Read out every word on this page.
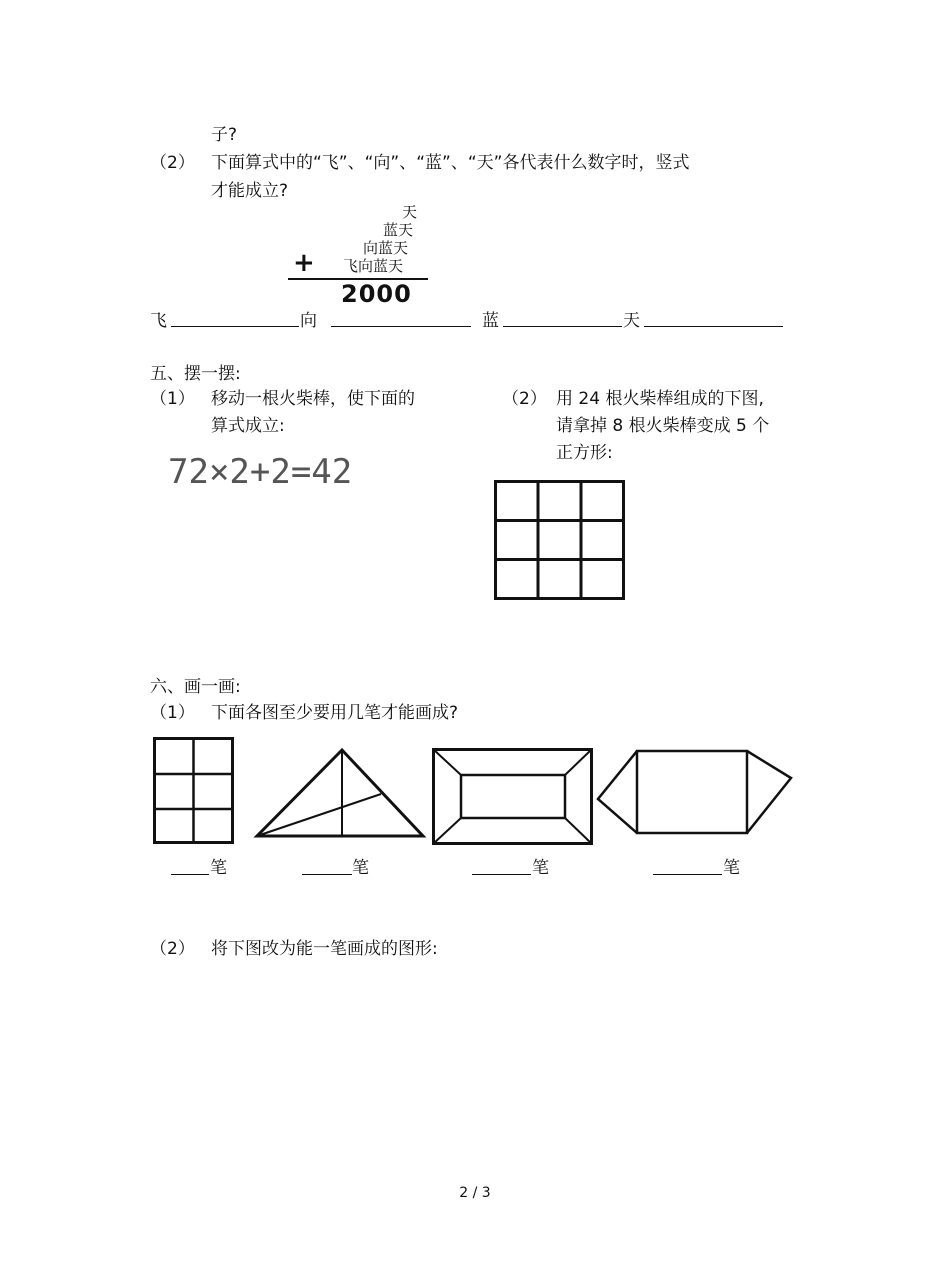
子?
（2） 下面算式中的“飞”、“向”、“蓝”、“天”各代表什么数字时，竖式
才能成立?
天
蓝天
向蓝天
飞向蓝天
+
2000
飞	向	蓝	天
五、摆一摆:
（1） 移动一根火柴棒，使下面的
算式成立:
72×2+2=42
（2） 用 24 根火柴棒组成的下图,
请拿掉 8 根火柴棒变成 5 个
正方形:
六、画一画:
（1） 下面各图至少要用几笔才能画成?
笔	笔	笔	笔
（2） 将下图改为能一笔画成的图形:
2 / 3
